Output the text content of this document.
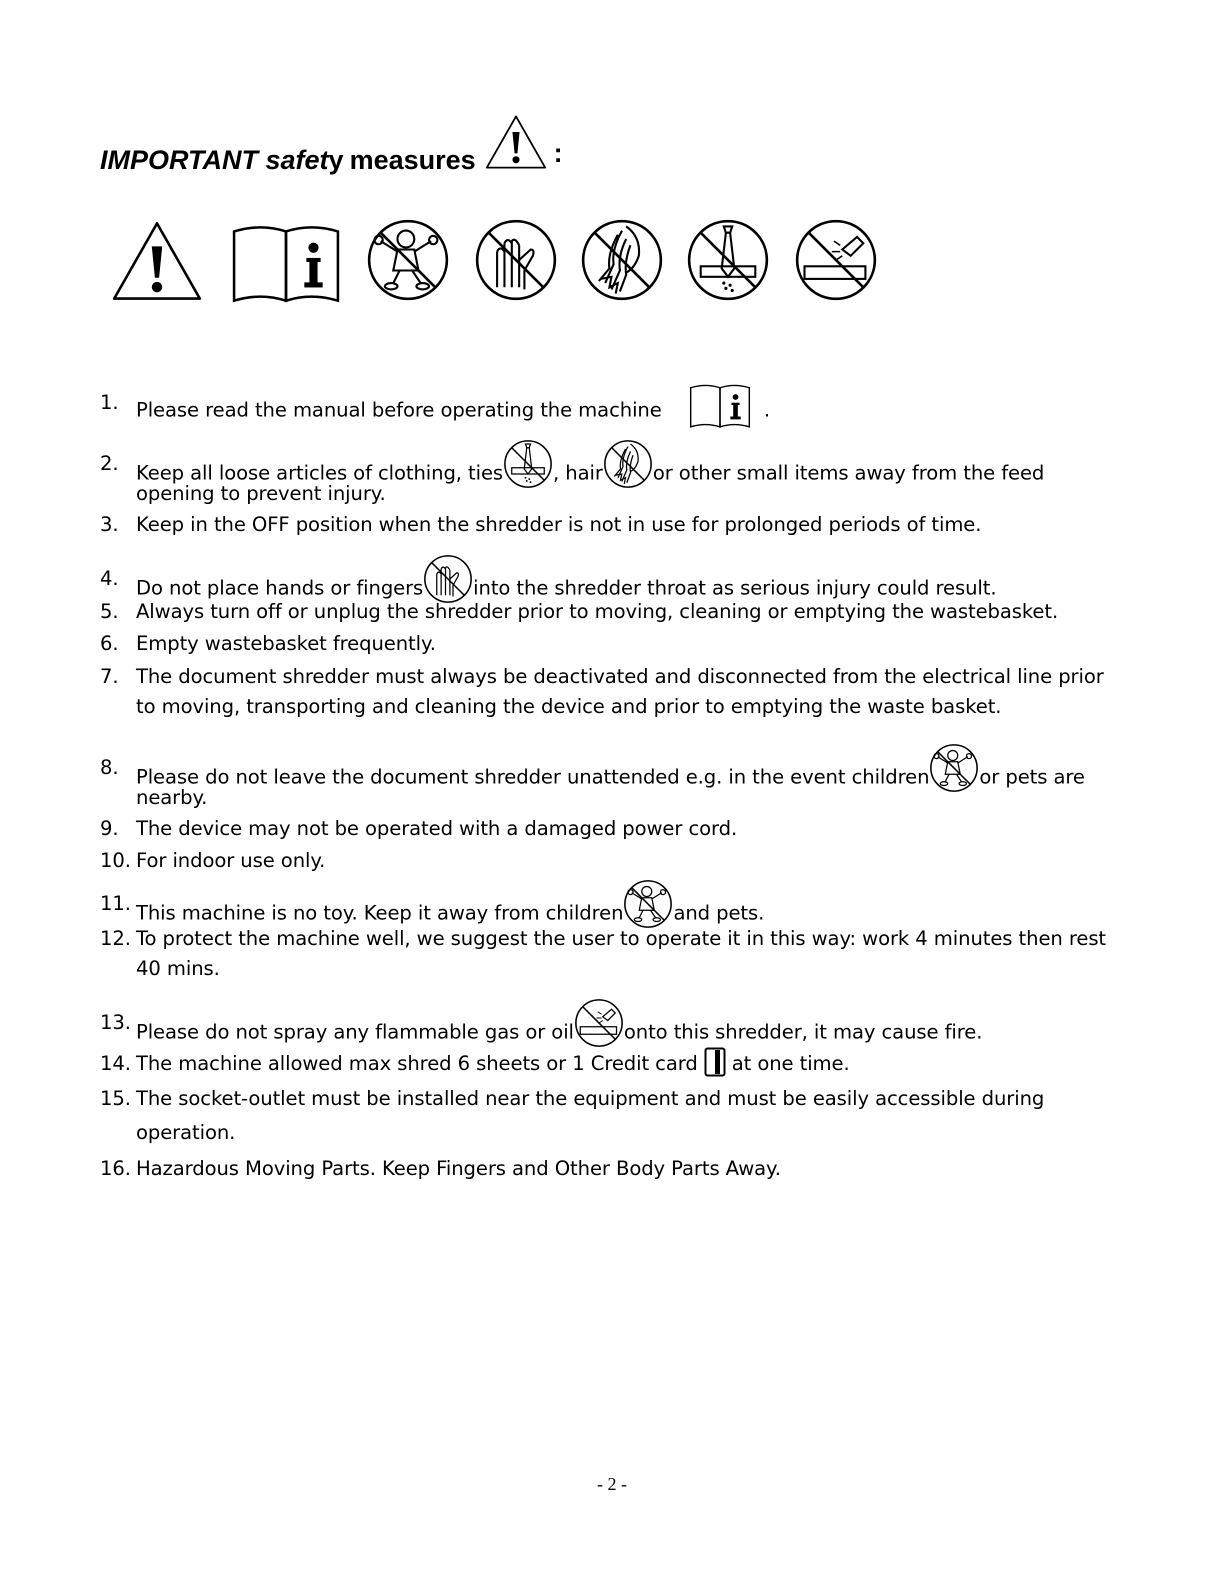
IMPORTANT safe t y measures	:
1. Please read the manual before operating the machine	.
2. Keep all loose articles of clothing, ties	, hair	or other small items away from the feed
opening to prevent injury.
3. Keep in the OFF position when the shredder is not in use for prolonged periods of time.
4. Do not place hands or fingers	into the shredder throat as serious injury could result.
5. Always turn off or unplug the shredder prior to moving, cleaning or emptying the wastebasket.
6. Empty wastebasket frequently.
7. The document shredder must always be deactivated and disconnected from the electrical line prior
to moving, transporting and cleaning the device and prior to emptying the waste basket.
8. Please do not leave the document shredder unattended e.g. in the event children	or pets are
nearby.
9. The device may not be operated with a damaged power cord.
10. For indoor use only.
11. This machine is no toy. Keep it away from children	and pets.
12. To protect the machine well, we suggest the user to operate it in this way: work 4 minutes then rest
40 mins.
13. Please do not spray any flammable gas or oil	onto this shredder, it may cause fire.
14. The machine allowed max shred 6 sheets or 1 Credit card at one time.
15. The socket-outlet must be installed near the equipment and must be easily accessible during
operation.
16. Hazardous Moving Parts. Keep Fingers and Other Body Parts Away.
- 2 -
